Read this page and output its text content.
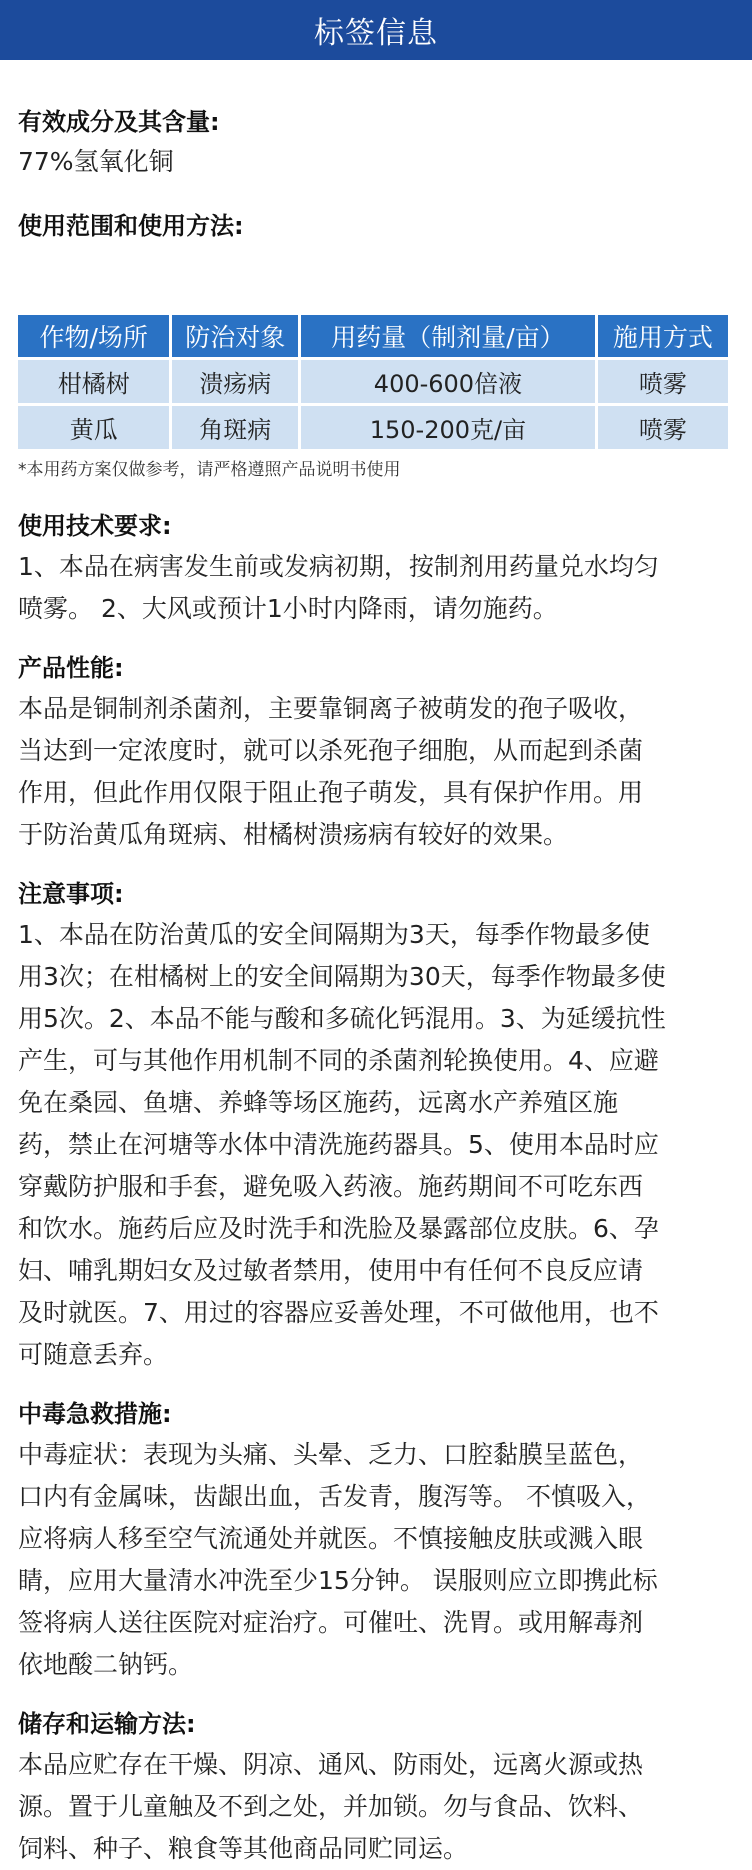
标签信息
有效成分及其含量:
77%氢氧化铜
使用范围和使用方法:
作物/场所	防治对象	用药量（制剂量/亩）	施用方式
柑橘树	溃疡病	400-600倍液	喷雾
黄瓜	角斑病	150-200克/亩	喷雾
*本用药方案仅做参考，请严格遵照产品说明书使用
使用技术要求:
1、本品在病害发生前或发病初期，按制剂用药量兑水均匀
喷雾。 2、大风或预计1小时内降雨，请勿施药。
产品性能:
本品是铜制剂杀菌剂，主要靠铜离子被萌发的孢子吸收，
当达到一定浓度时，就可以杀死孢子细胞，从而起到杀菌
作用，但此作用仅限于阻止孢子萌发，具有保护作用。用
于防治黄瓜角斑病、柑橘树溃疡病有较好的效果。
注意事项:
1、本品在防治黄瓜的安全间隔期为3天，每季作物最多使
用3次；在柑橘树上的安全间隔期为30天，每季作物最多使
用5次。2、本品不能与酸和多硫化钙混用。3、为延缓抗性
产生，可与其他作用机制不同的杀菌剂轮换使用。4、应避
免在桑园、鱼塘、养蜂等场区施药，远离水产养殖区施
药，禁止在河塘等水体中清洗施药器具。5、使用本品时应
穿戴防护服和手套，避免吸入药液。施药期间不可吃东西
和饮水。施药后应及时洗手和洗脸及暴露部位皮肤。6、孕
妇、哺乳期妇女及过敏者禁用，使用中有任何不良反应请
及时就医。7、用过的容器应妥善处理，不可做他用，也不
可随意丢弃。
中毒急救措施:
中毒症状：表现为头痛、头晕、乏力、口腔黏膜呈蓝色，
口内有金属味，齿龈出血，舌发青，腹泻等。 不慎吸入，
应将病人移至空气流通处并就医。不慎接触皮肤或溅入眼
睛，应用大量清水冲洗至少15分钟。 误服则应立即携此标
签将病人送往医院对症治疗。可催吐、洗胃。或用解毒剂
依地酸二钠钙。
储存和运输方法:
本品应贮存在干燥、阴凉、通风、防雨处，远离火源或热
源。置于儿童触及不到之处，并加锁。勿与食品、饮料、
饲料、种子、粮食等其他商品同贮同运。
